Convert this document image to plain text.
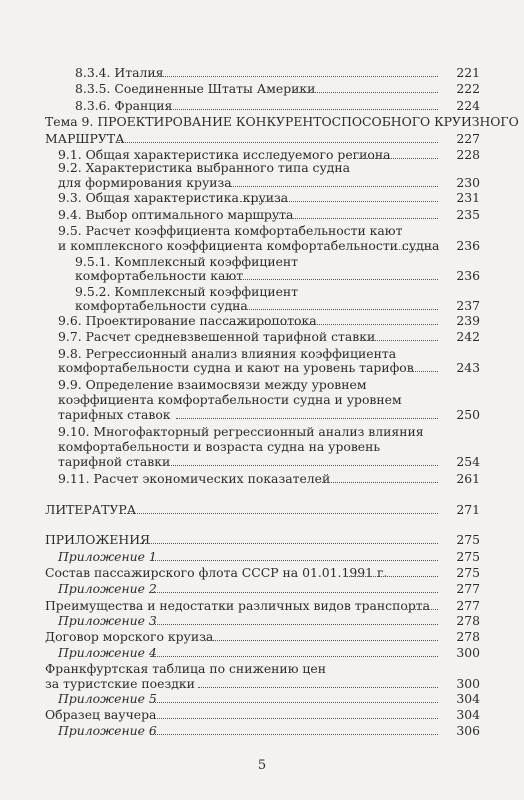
8.3.4. Италия	221
8.3.5. Соединенные Штаты Америки	222
8.3.6. Франция	224
Тема 9. ПРОЕКТИРОВАНИЕ КОНКУРЕНТОСПОСОБНОГО КРУИЗНОГО
МАРШРУТА	227
9.1. Общая характеристика исследуемого региона	228
9.2. Характеристика выбранного типа судна
для формирования круиза	230
9.3. Общая характеристика круиза	231
9.4. Выбор оптимального маршрута	235
9.5. Расчет коэффициента комфортабельности кают
и комплексного коэффициента комфортабельности судна	236
9.5.1. Комплексный коэффициент
комфортабельности кают	236
9.5.2. Комплексный коэффициент
комфортабельности судна	237
9.6. Проектирование пассажиропотока	239
9.7. Расчет средневзвешенной тарифной ставки	242
9.8. Регрессионный анализ влияния коэффициента
комфортабельности судна и кают на уровень тарифов	243
9.9. Определение взаимосвязи между уровнем
коэффициента комфортабельности судна и уровнем
тарифных ставок	250
9.10. Многофакторный регрессионный анализ влияния
комфортабельности и возраста судна на уровень
тарифной ставки	254
9.11. Расчет экономических показателей	261
ЛИТЕРАТУРА	271
ПРИЛОЖЕНИЯ	275
Приложение 1	275
Состав пассажирского флота СССР на 01.01.1991 г.	275
Приложение 2	277
Преимущества и недостатки различных видов транспорта	277
Приложение 3	278
Договор морского круиза	278
Приложение 4	300
Франкфуртская таблица по снижению цен
за туристские поездки	300
Приложение 5	304
Образец ваучера	304
Приложение 6	306
5
